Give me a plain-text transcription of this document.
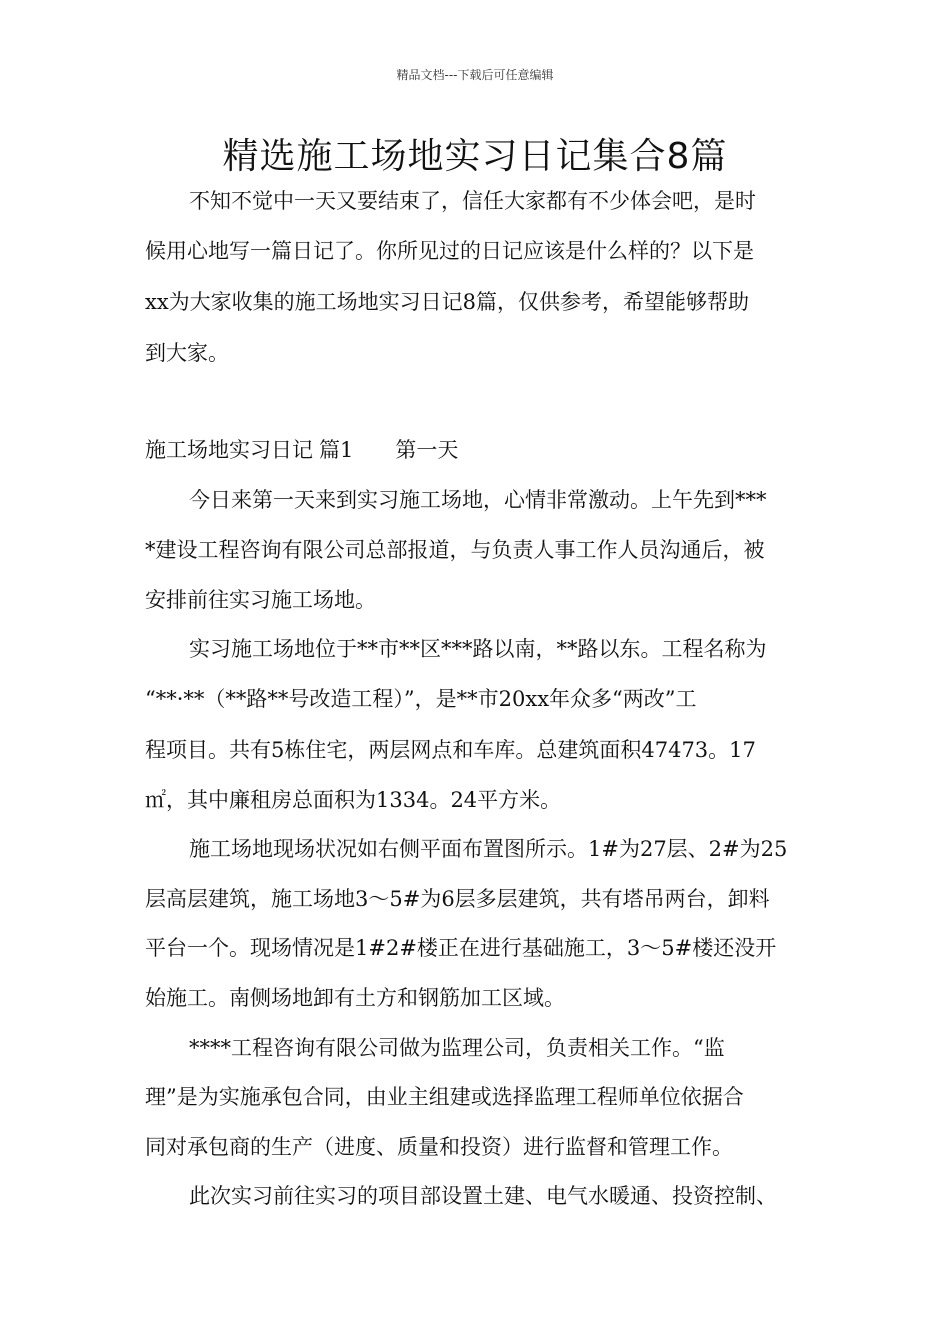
精品文档---下载后可任意编辑
精选施工场地实习日记集合8篇
不知不觉中一天又要结束了，信任大家都有不少体会吧，是时
候用心地写一篇日记了。你所见过的日记应该是什么样的？以下是
xx为大家收集的施工场地实习日记8篇，仅供参考，希望能够帮助
到大家。
施工场地实习日记 篇1 第一天
今日来第一天来到实习施工场地，心情非常激动。上午先到***
*建设工程咨询有限公司总部报道，与负责人事工作人员沟通后，被
安排前往实习施工场地。
实习施工场地位于**市**区***路以南，**路以东。工程名称为
“**·**（**路**号改造工程）”，是**市20xx年众多“两改”工
程项目。共有5栋住宅，两层网点和车库。总建筑面积47473。17
㎡，其中廉租房总面积为1334。24平方米。
施工场地现场状况如右侧平面布置图所示。1#为27层、2#为25
层高层建筑，施工场地3～5#为6层多层建筑，共有塔吊两台，卸料
平台一个。现场情况是1#2#楼正在进行基础施工，3～5#楼还没开
始施工。南侧场地卸有土方和钢筋加工区域。
****工程咨询有限公司做为监理公司，负责相关工作。“监
理”是为实施承包合同，由业主组建或选择监理工程师单位依据合
同对承包商的生产（进度、质量和投资）进行监督和管理工作。
此次实习前往实习的项目部设置土建、电气水暖通、投资控制、
